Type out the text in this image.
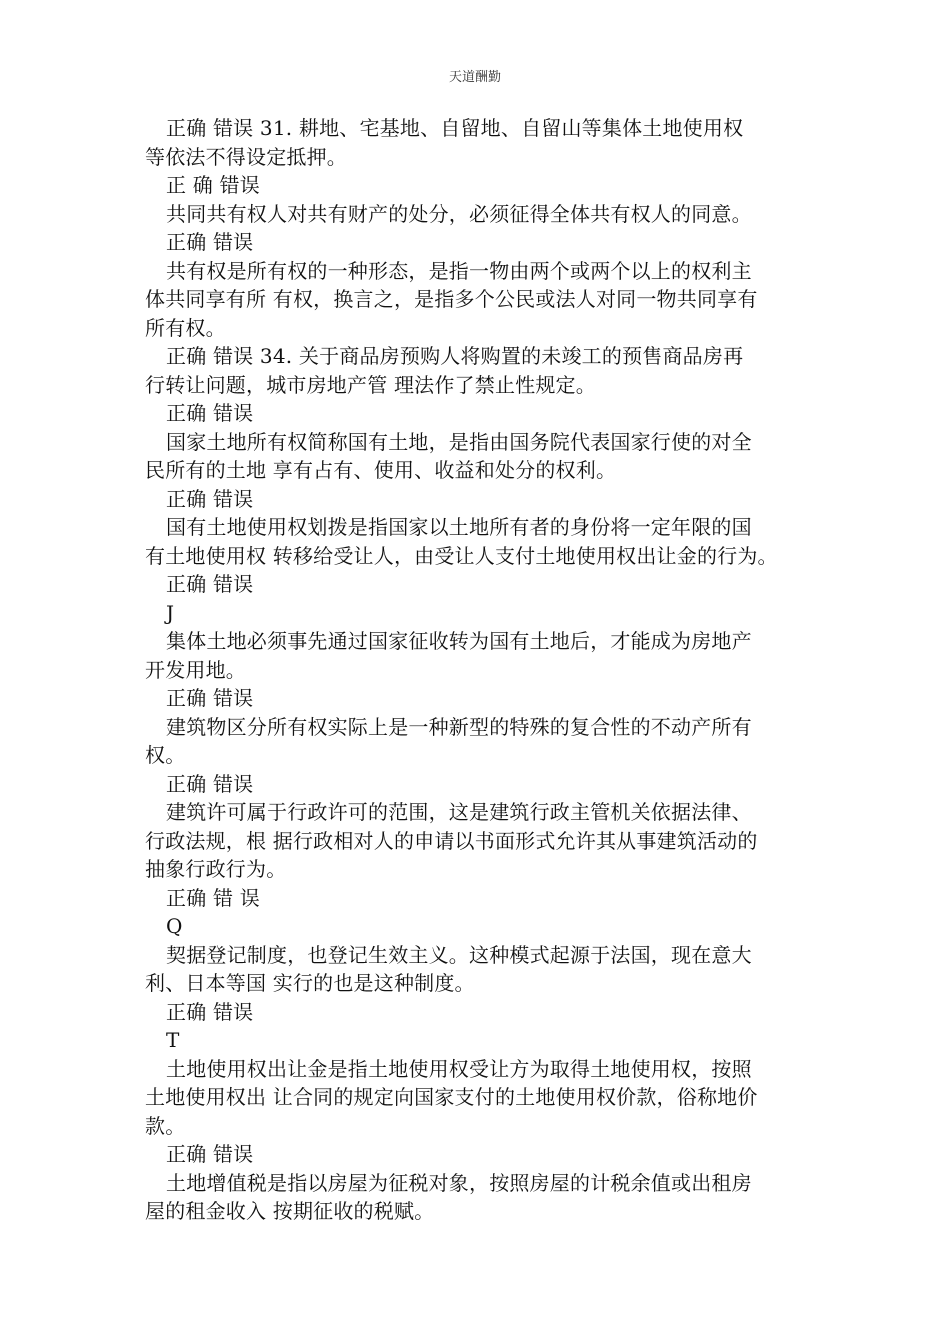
天道酬勤
正确 错误 31. 耕地、宅基地、自留地、自留山等集体土地使用权
等依法不得设定抵押。
正 确 错误
共同共有权人对共有财产的处分，必须征得全体共有权人的同意。
正确 错误
共有权是所有权的一种形态，是指一物由两个或两个以上的权利主
体共同享有所 有权，换言之，是指多个公民或法人对同一物共同享有
所有权。
正确 错误 34. 关于商品房预购人将购置的未竣工的预售商品房再
行转让问题，城市房地产管 理法作了禁止性规定。
正确 错误
国家土地所有权简称国有土地，是指由国务院代表国家行使的对全
民所有的土地 享有占有、使用、收益和处分的权利。
正确 错误
国有土地使用权划拨是指国家以土地所有者的身份将一定年限的国
有土地使用权 转移给受让人，由受让人支付土地使用权出让金的行为。
正确 错误
J
集体土地必须事先通过国家征收转为国有土地后，才能成为房地产
开发用地。
正确 错误
建筑物区分所有权实际上是一种新型的特殊的复合性的不动产所有
权。
正确 错误
建筑许可属于行政许可的范围，这是建筑行政主管机关依据法律、
行政法规，根 据行政相对人的申请以书面形式允许其从事建筑活动的
抽象行政行为。
正确 错 误
Q
契据登记制度，也登记生效主义。这种模式起源于法国，现在意大
利、日本等国 实行的也是这种制度。
正确 错误
T
土地使用权出让金是指土地使用权受让方为取得土地使用权，按照
土地使用权出 让合同的规定向国家支付的土地使用权价款，俗称地价
款。
正确 错误
土地增值税是指以房屋为征税对象，按照房屋的计税余值或出租房
屋的租金收入 按期征收的税赋。
